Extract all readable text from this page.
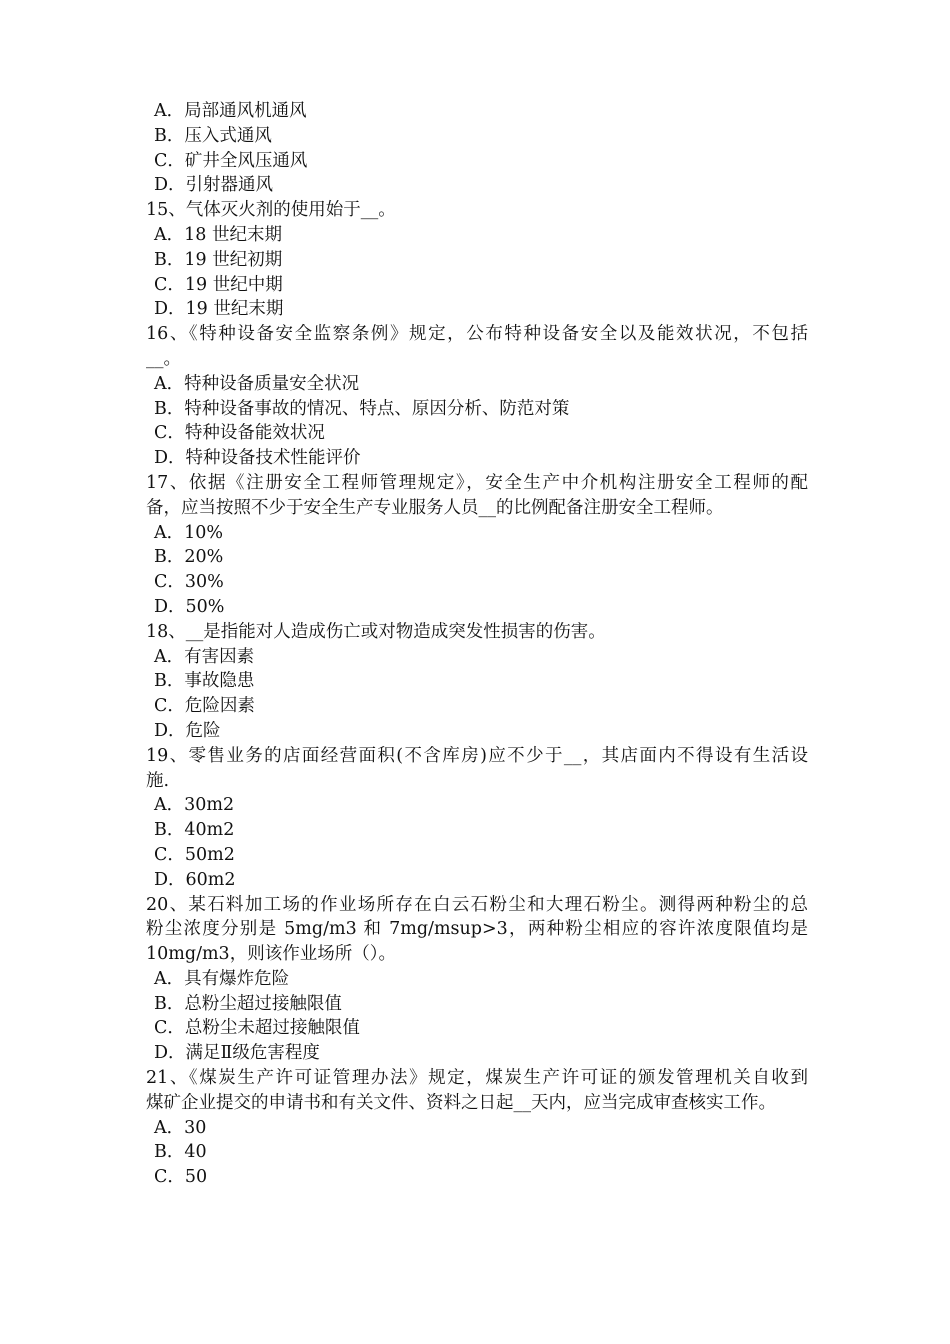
A．局部通风机通风
B．压入式通风
C．矿井全风压通风
D．引射器通风
15、气体灭火剂的使用始于__。
A．18 世纪末期
B．19 世纪初期
C．19 世纪中期
D．19 世纪末期
16、《特种设备安全监察条例》规定，公布特种设备安全以及能效状况，不包括
__。
A．特种设备质量安全状况
B．特种设备事故的情况、特点、原因分析、防范对策
C．特种设备能效状况
D．特种设备技术性能评价
17、依据《注册安全工程师管理规定》，安全生产中介机构注册安全工程师的配
备，应当按照不少于安全生产专业服务人员__的比例配备注册安全工程师。
A．10%
B．20%
C．30%
D．50%
18、__是指能对人造成伤亡或对物造成突发性损害的伤害。
A．有害因素
B．事故隐患
C．危险因素
D．危险
19、零售业务的店面经营面积(不含库房)应不少于__，其店面内不得设有生活设
施.
A．30m2
B．40m2
C．50m2
D．60m2
20、某石料加工场的作业场所存在白云石粉尘和大理石粉尘。测得两种粉尘的总
粉尘浓度分别是 5mg/m3 和 7mg/msup>3，两种粉尘相应的容许浓度限值均是
10mg/m3，则该作业场所（）。
A．具有爆炸危险
B．总粉尘超过接触限值
C．总粉尘未超过接触限值
D．满足Ⅱ级危害程度
21、《煤炭生产许可证管理办法》规定，煤炭生产许可证的颁发管理机关自收到
煤矿企业提交的申请书和有关文件、资料之日起__天内，应当完成审查核实工作。
A．30
B．40
C．50
